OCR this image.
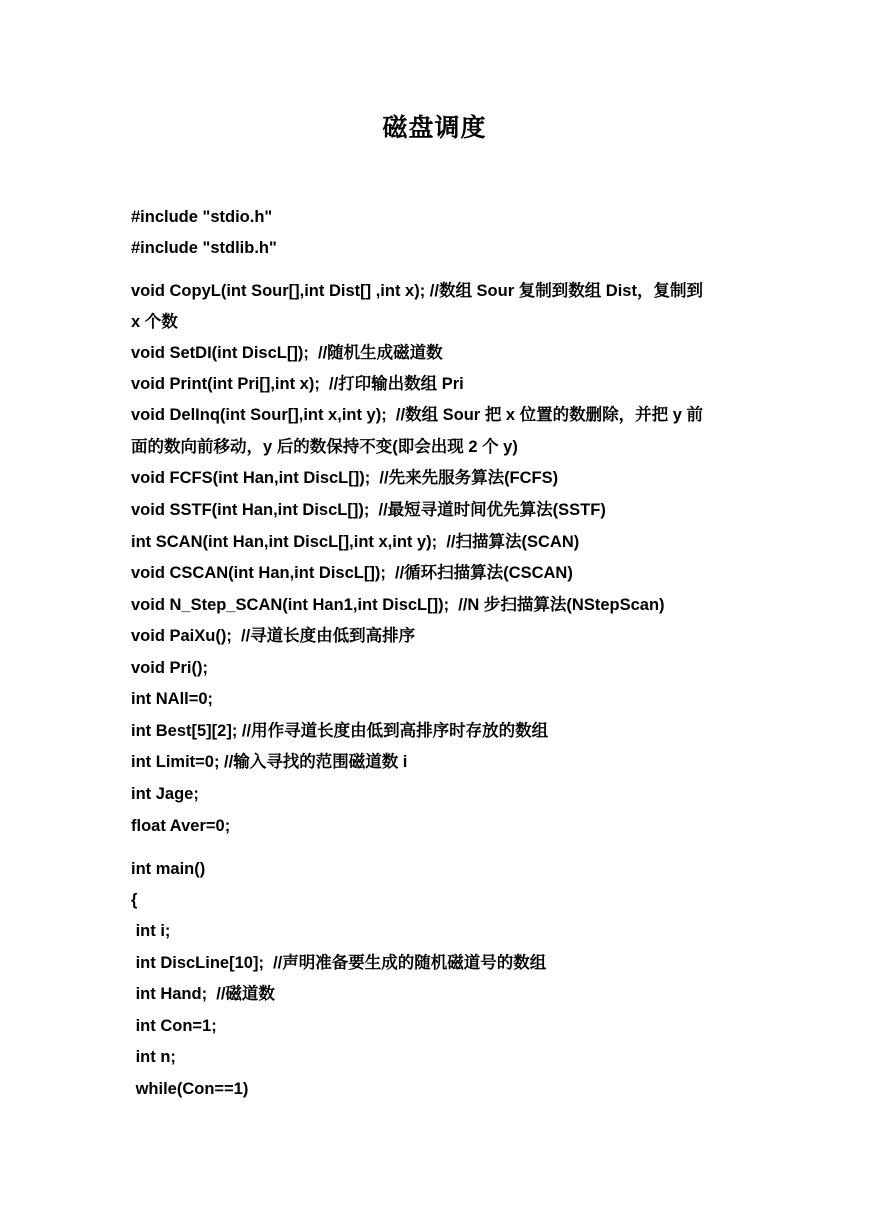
磁盘调度
#include "stdio.h"
#include "stdlib.h"
void CopyL(int Sour[],int Dist[] ,int x); //数组 Sour 复制到数组 Dist，复制到
x 个数
void SetDI(int DiscL[]);  //随机生成磁道数
void Print(int Pri[],int x);  //打印输出数组 Pri
void DelInq(int Sour[],int x,int y);  //数组 Sour 把 x 位置的数删除，并把 y 前
面的数向前移动，y 后的数保持不变(即会出现 2 个 y)
void FCFS(int Han,int DiscL[]);  //先来先服务算法(FCFS)
void SSTF(int Han,int DiscL[]);  //最短寻道时间优先算法(SSTF)
int SCAN(int Han,int DiscL[],int x,int y);  //扫描算法(SCAN)
void CSCAN(int Han,int DiscL[]);  //循环扫描算法(CSCAN)
void N_Step_SCAN(int Han1,int DiscL[]);  //N 步扫描算法(NStepScan)
void PaiXu();  //寻道长度由低到高排序
void Pri();
int NAll=0;
int Best[5][2]; //用作寻道长度由低到高排序时存放的数组
int Limit=0; //输入寻找的范围磁道数 i
int Jage;
float Aver=0;
int main()
{
int i;
int DiscLine[10];  //声明准备要生成的随机磁道号的数组
int Hand;  //磁道数
int Con=1;
int n;
while(Con==1)
